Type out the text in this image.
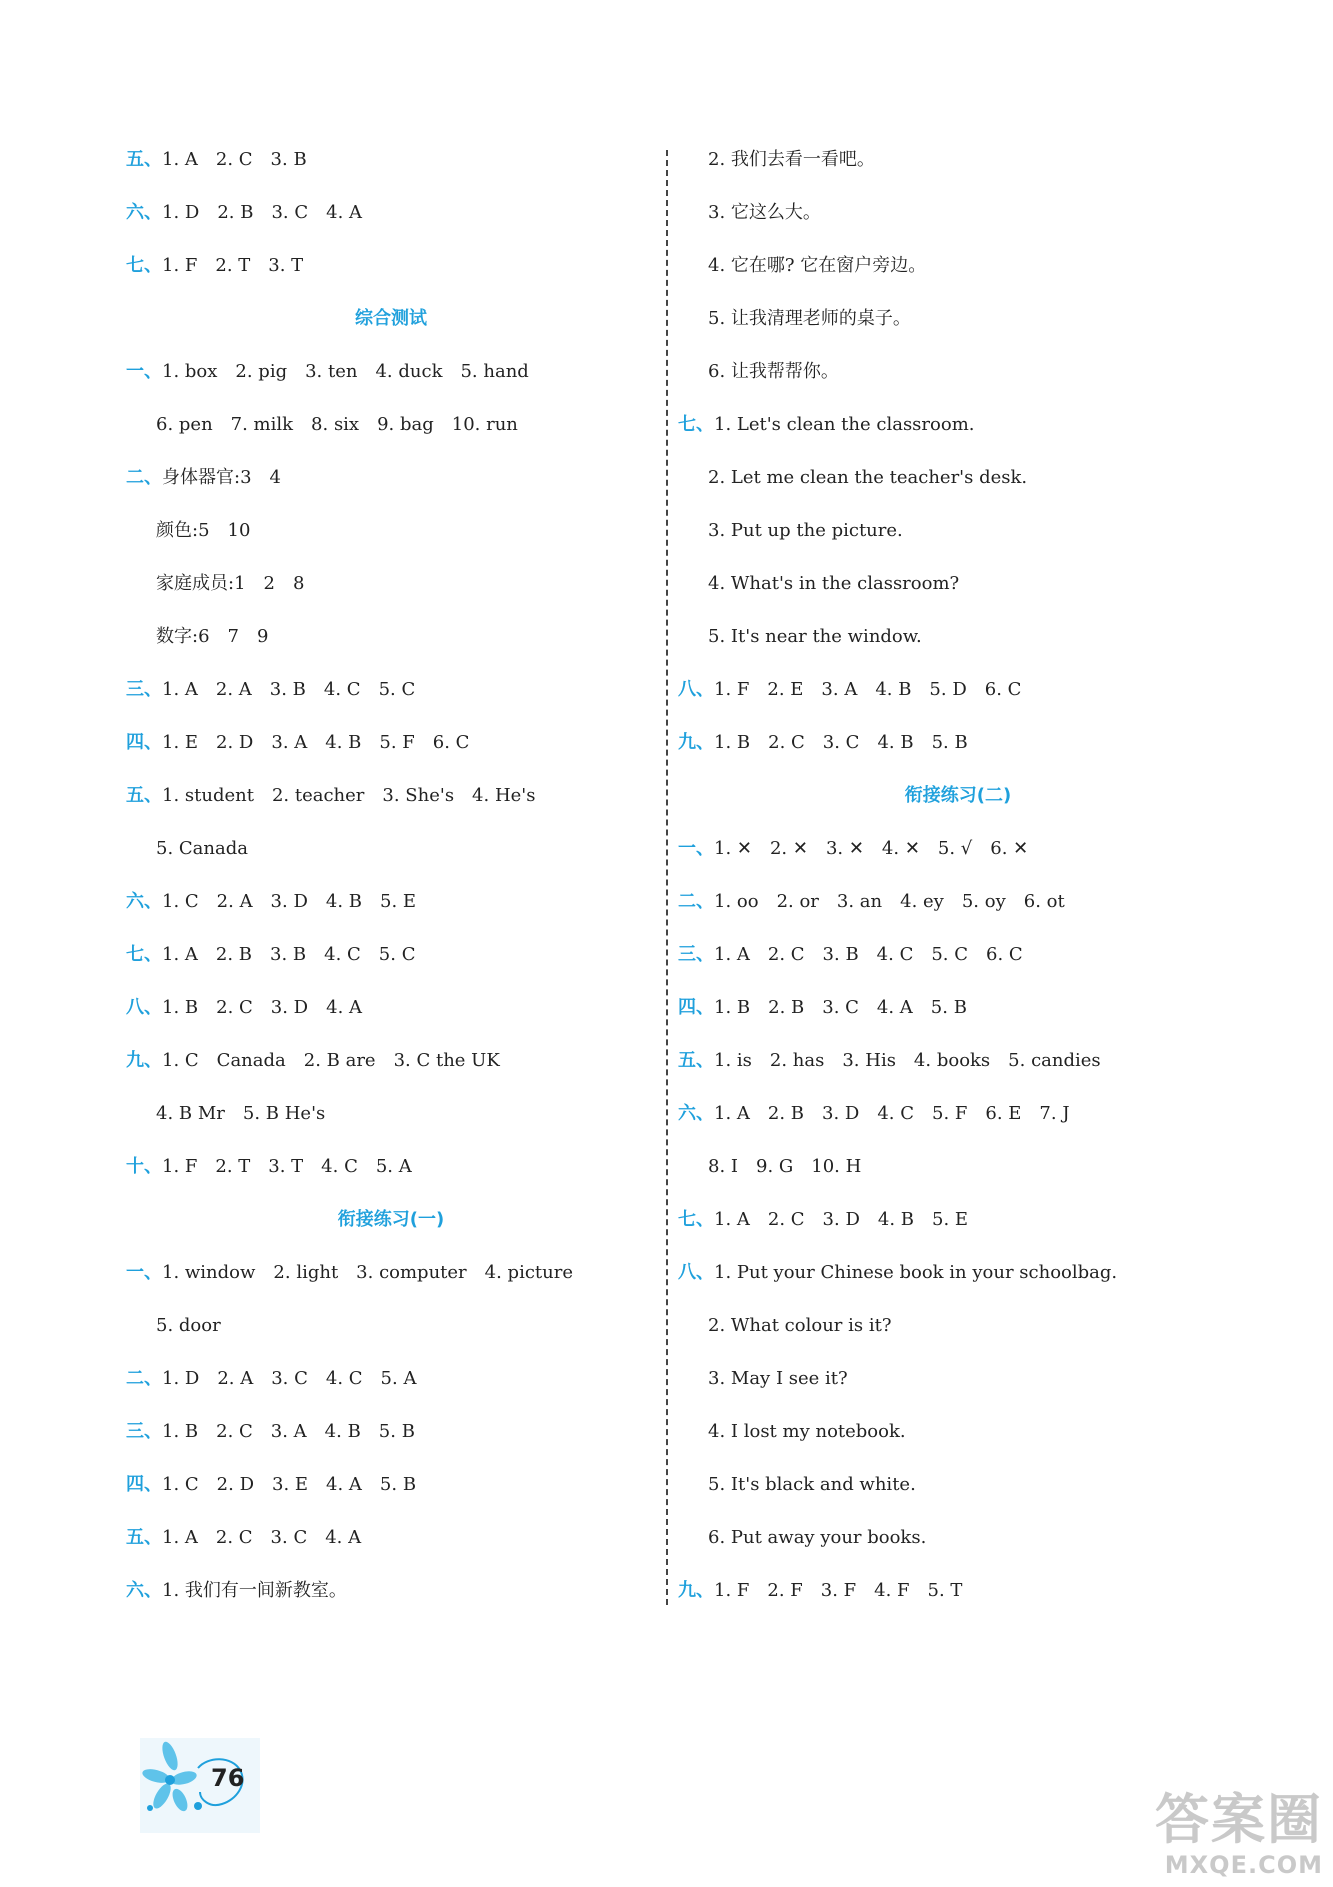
五、1. A　2. C　3. B
六、1. D　2. B　3. C　4. A
七、1. F　2. T　3. T
综合测试
一、1. box　2. pig　3. ten　4. duck　5. hand
6. pen　7. milk　8. six　9. bag　10. run
二、身体器官:3　4
颜色:5　10
家庭成员:1　2　8
数字:6　7　9
三、1. A　2. A　3. B　4. C　5. C
四、1. E　2. D　3. A　4. B　5. F　6. C
五、1. student　2. teacher　3. She's　4. He's
5. Canada
六、1. C　2. A　3. D　4. B　5. E
七、1. A　2. B　3. B　4. C　5. C
八、1. B　2. C　3. D　4. A
九、1. C　Canada　2. B are　3. C the UK
4. B Mr　5. B He's
十、1. F　2. T　3. T　4. C　5. A
衔接练习(一)
一、1. window　2. light　3. computer　4. picture
5. door
二、1. D　2. A　3. C　4. C　5. A
三、1. B　2. C　3. A　4. B　5. B
四、1. C　2. D　3. E　4. A　5. B
五、1. A　2. C　3. C　4. A
六、1. 我们有一间新教室。
2. 我们去看一看吧。
3. 它这么大。
4. 它在哪? 它在窗户旁边。
5. 让我清理老师的桌子。
6. 让我帮帮你。
七、1. Let's clean the classroom.
2. Let me clean the teacher's desk.
3. Put up the picture.
4. What's in the classroom?
5. It's near the window.
八、1. F　2. E　3. A　4. B　5. D　6. C
九、1. B　2. C　3. C　4. B　5. B
衔接练习(二)
一、1. ✕　2. ✕　3. ✕　4. ✕　5. √　6. ✕
二、1. oo　2. or　3. an　4. ey　5. oy　6. ot
三、1. A　2. C　3. B　4. C　5. C　6. C
四、1. B　2. B　3. C　4. A　5. B
五、1. is　2. has　3. His　4. books　5. candies
六、1. A　2. B　3. D　4. C　5. F　6. E　7. J
8. I　9. G　10. H
七、1. A　2. C　3. D　4. B　5. E
八、1. Put your Chinese book in your schoolbag.
2. What colour is it?
3. May I see it?
4. I lost my notebook.
5. It's black and white.
6. Put away your books.
九、1. F　2. F　3. F　4. F　5. T
76
答案圈
MXQE.COM
